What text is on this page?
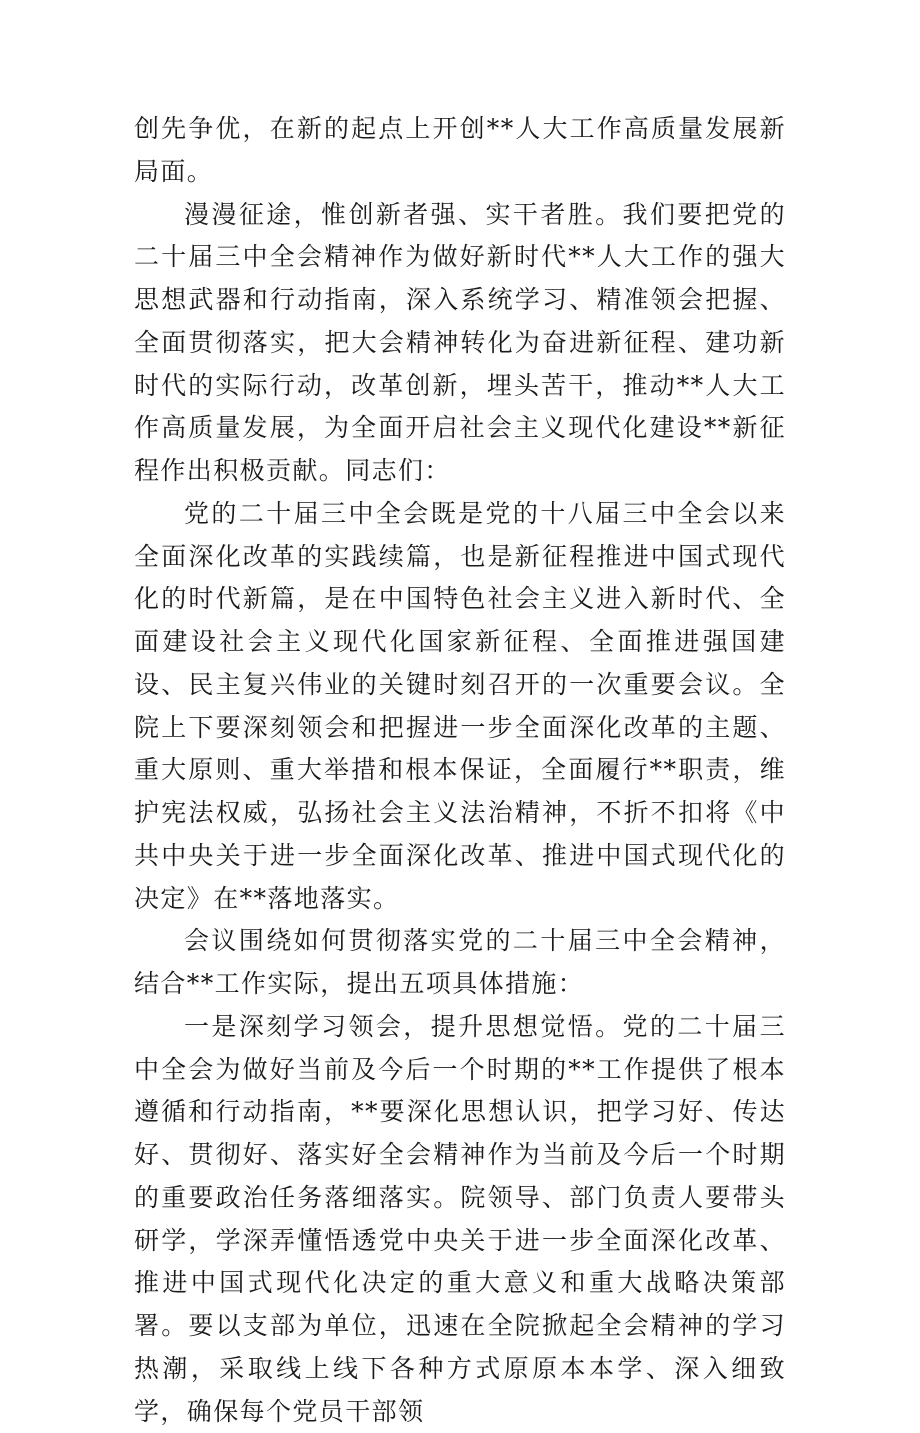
创先争优，在新的起点上开创**人大工作高质量发展新局面。

漫漫征途，惟创新者强、实干者胜。我们要把党的二十届三中全会精神作为做好新时代**人大工作的强大思想武器和行动指南，深入系统学习、精准领会把握、全面贯彻落实，把大会精神转化为奋进新征程、建功新时代的实际行动，改革创新，埋头苦干，推动**人大工作高质量发展，为全面开启社会主义现代化建设**新征程作出积极贡献。同志们：

党的二十届三中全会既是党的十八届三中全会以来全面深化改革的实践续篇，也是新征程推进中国式现代化的时代新篇，是在中国特色社会主义进入新时代、全面建设社会主义现代化国家新征程、全面推进强国建设、民主复兴伟业的关键时刻召开的一次重要会议。全院上下要深刻领会和把握进一步全面深化改革的主题、重大原则、重大举措和根本保证，全面履行**职责，维护宪法权威，弘扬社会主义法治精神，不折不扣将《中共中央关于进一步全面深化改革、推进中国式现代化的决定》在**落地落实。

会议围绕如何贯彻落实党的二十届三中全会精神，结合**工作实际，提出五项具体措施：

一是深刻学习领会，提升思想觉悟。党的二十届三中全会为做好当前及今后一个时期的**工作提供了根本遵循和行动指南，**要深化思想认识，把学习好、传达好、贯彻好、落实好全会精神作为当前及今后一个时期的重要政治任务落细落实。院领导、部门负责人要带头研学，学深弄懂悟透党中央关于进一步全面深化改革、推进中国式现代化决定的重大意义和重大战略决策部署。要以支部为单位，迅速在全院掀起全会精神的学习热潮，采取线上线下各种方式原原本本学、深入细致学，确保每个党员干部领
